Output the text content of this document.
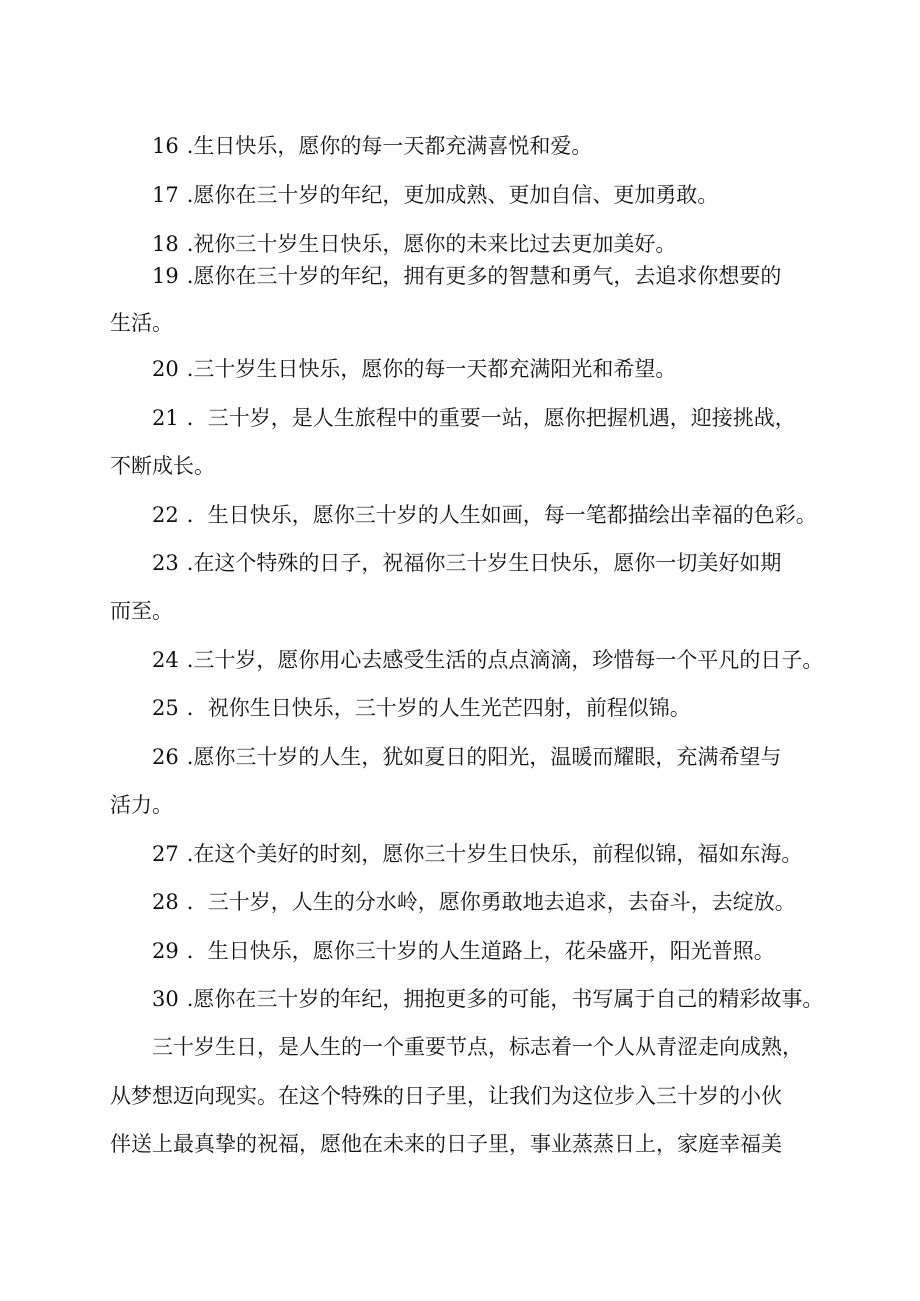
16 .生日快乐，愿你的每一天都充满喜悦和爱。
17 .愿你在三十岁的年纪，更加成熟、更加自信、更加勇敢。
18 .祝你三十岁生日快乐，愿你的未来比过去更加美好。
19 .愿你在三十岁的年纪，拥有更多的智慧和勇气，去追求你想要的
生活。
20 .三十岁生日快乐，愿你的每一天都充满阳光和希望。
21 ．三十岁，是人生旅程中的重要一站，愿你把握机遇，迎接挑战，
不断成长。
22 ．生日快乐，愿你三十岁的人生如画，每一笔都描绘出幸福的色彩。
23 .在这个特殊的日子，祝福你三十岁生日快乐，愿你一切美好如期
而至。
24 .三十岁，愿你用心去感受生活的点点滴滴，珍惜每一个平凡的日子。
25 ．祝你生日快乐，三十岁的人生光芒四射，前程似锦。
26 .愿你三十岁的人生，犹如夏日的阳光，温暖而耀眼，充满希望与
活力。
27 .在这个美好的时刻，愿你三十岁生日快乐，前程似锦，福如东海。
28 ．三十岁，人生的分水岭，愿你勇敢地去追求，去奋斗，去绽放。
29 ．生日快乐，愿你三十岁的人生道路上，花朵盛开，阳光普照。
30 .愿你在三十岁的年纪，拥抱更多的可能，书写属于自己的精彩故事。
三十岁生日，是人生的一个重要节点，标志着一个人从青涩走向成熟，
从梦想迈向现实。在这个特殊的日子里，让我们为这位步入三十岁的小伙
伴送上最真挚的祝福，愿他在未来的日子里，事业蒸蒸日上，家庭幸福美
